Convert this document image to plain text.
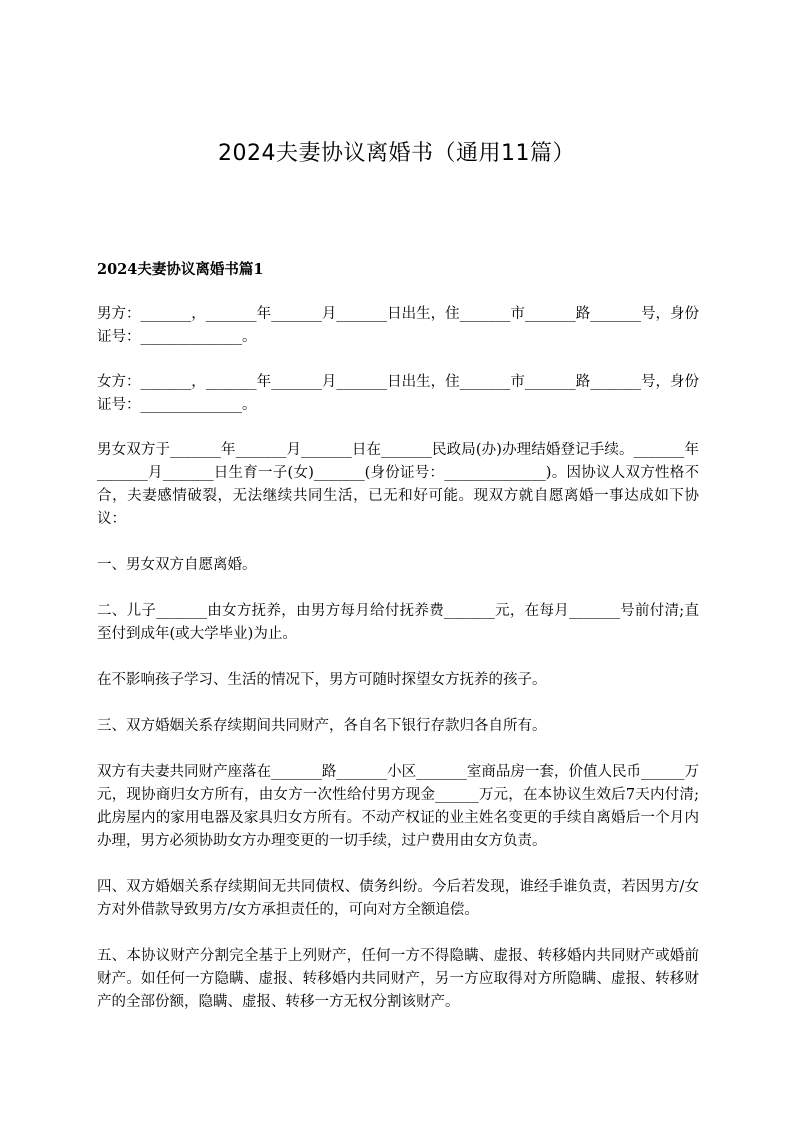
2024夫妻协议离婚书（通用11篇）
2024夫妻协议离婚书篇1

男方：_______，_______年_______月_______日出生，住_______市_______路_______号，身份证号：______________。

女方：_______，_______年_______月_______日出生，住_______市_______路_______号，身份证号：______________。

男女双方于_______年_______月_______日在_______民政局(办)办理结婚登记手续。_______年_______月_______日生育一子(女)_______(身份证号：______________)。因协议人双方性格不合，夫妻感情破裂，无法继续共同生活，已无和好可能。现双方就自愿离婚一事达成如下协议：

一、男女双方自愿离婚。

二、儿子_______由女方抚养，由男方每月给付抚养费_______元，在每月_______号前付清;直至付到成年(或大学毕业)为止。

在不影响孩子学习、生活的情况下，男方可随时探望女方抚养的孩子。

三、双方婚姻关系存续期间共同财产，各自名下银行存款归各自所有。

双方有夫妻共同财产座落在_______路_______小区_______室商品房一套，价值人民币______万元，现协商归女方所有，由女方一次性给付男方现金______万元，在本协议生效后7天内付清;此房屋内的家用电器及家具归女方所有。不动产权证的业主姓名变更的手续自离婚后一个月内办理，男方必须协助女方办理变更的一切手续，过户费用由女方负责。

四、双方婚姻关系存续期间无共同债权、债务纠纷。今后若发现，谁经手谁负责，若因男方/女方对外借款导致男方/女方承担责任的，可向对方全额追偿。

五、本协议财产分割完全基于上列财产，任何一方不得隐瞒、虚报、转移婚内共同财产或婚前财产。如任何一方隐瞒、虚报、转移婚内共同财产，另一方应取得对方所隐瞒、虚报、转移财产的全部份额，隐瞒、虚报、转移一方无权分割该财产。
